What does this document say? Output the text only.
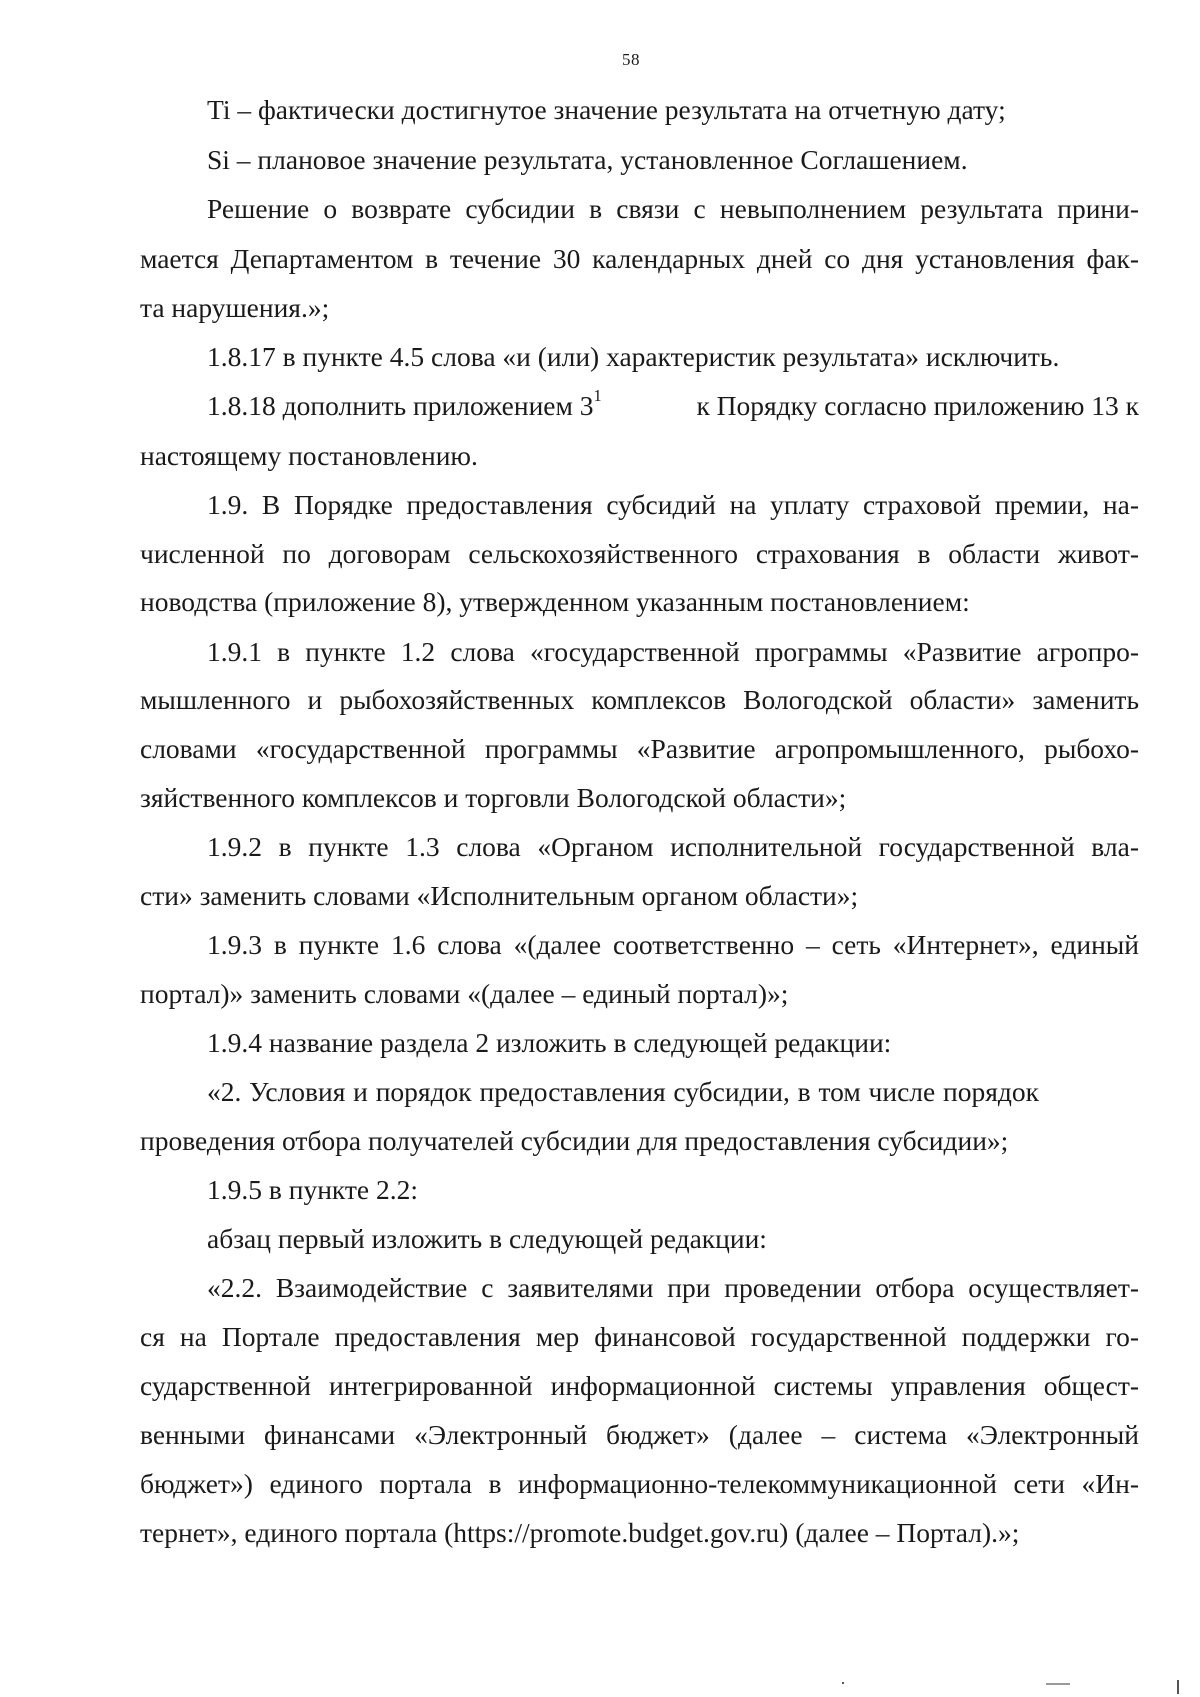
58

Ti – фактически достигнутое значение результата на отчетную дату;

Si – плановое значение результата, установленное Соглашением.

Решение о возврате субсидии в связи с невыполнением результата прини-

мается Департаментом в течение 30 календарных дней со дня установления фак-

та нарушения.»;

1.8.17 в пункте 4.5 слова «и (или) характеристик результата» исключить.

1.8.18 дополнить приложением $3^1$	к Порядку согласно приложению 13 к

настоящему постановлению.

1.9. В Порядке предоставления субсидий на уплату страховой премии, на-

численной по договорам сельскохозяйственного страхования в области живот-

новодства (приложение 8), утвержденном указанным постановлением:

1.9.1 в пункте 1.2 слова «государственной программы «Развитие агропро-

мышленного и рыбохозяйственных комплексов Вологодской области» заменить

словами «государственной программы «Развитие агропромышленного, рыбохо-

зяйственного комплексов и торговли Вологодской области»;

1.9.2 в пункте 1.3 слова «Органом исполнительной государственной вла-

сти» заменить словами «Исполнительным органом области»;

1.9.3 в пункте 1.6 слова «(далее соответственно – сеть «Интернет», единый

портал)» заменить словами «(далее – единый портал)»;

1.9.4 название раздела 2 изложить в следующей редакции:

«2. Условия и порядок предоставления субсидии, в том числе порядок

проведения отбора получателей субсидии для предоставления субсидии»;

1.9.5 в пункте 2.2:

абзац первый изложить в следующей редакции:

«2.2. Взаимодействие с заявителями при проведении отбора осуществляет-

ся на Портале предоставления мер финансовой государственной поддержки го-

сударственной интегрированной информационной системы управления общест-

венными финансами «Электронный бюджет» (далее – система «Электронный

бюджет») единого портала в информационно-телекоммуникационной сети «Ин-

тернет», единого портала (https://promote.budget.gov.ru) (далее – Портал).»;
